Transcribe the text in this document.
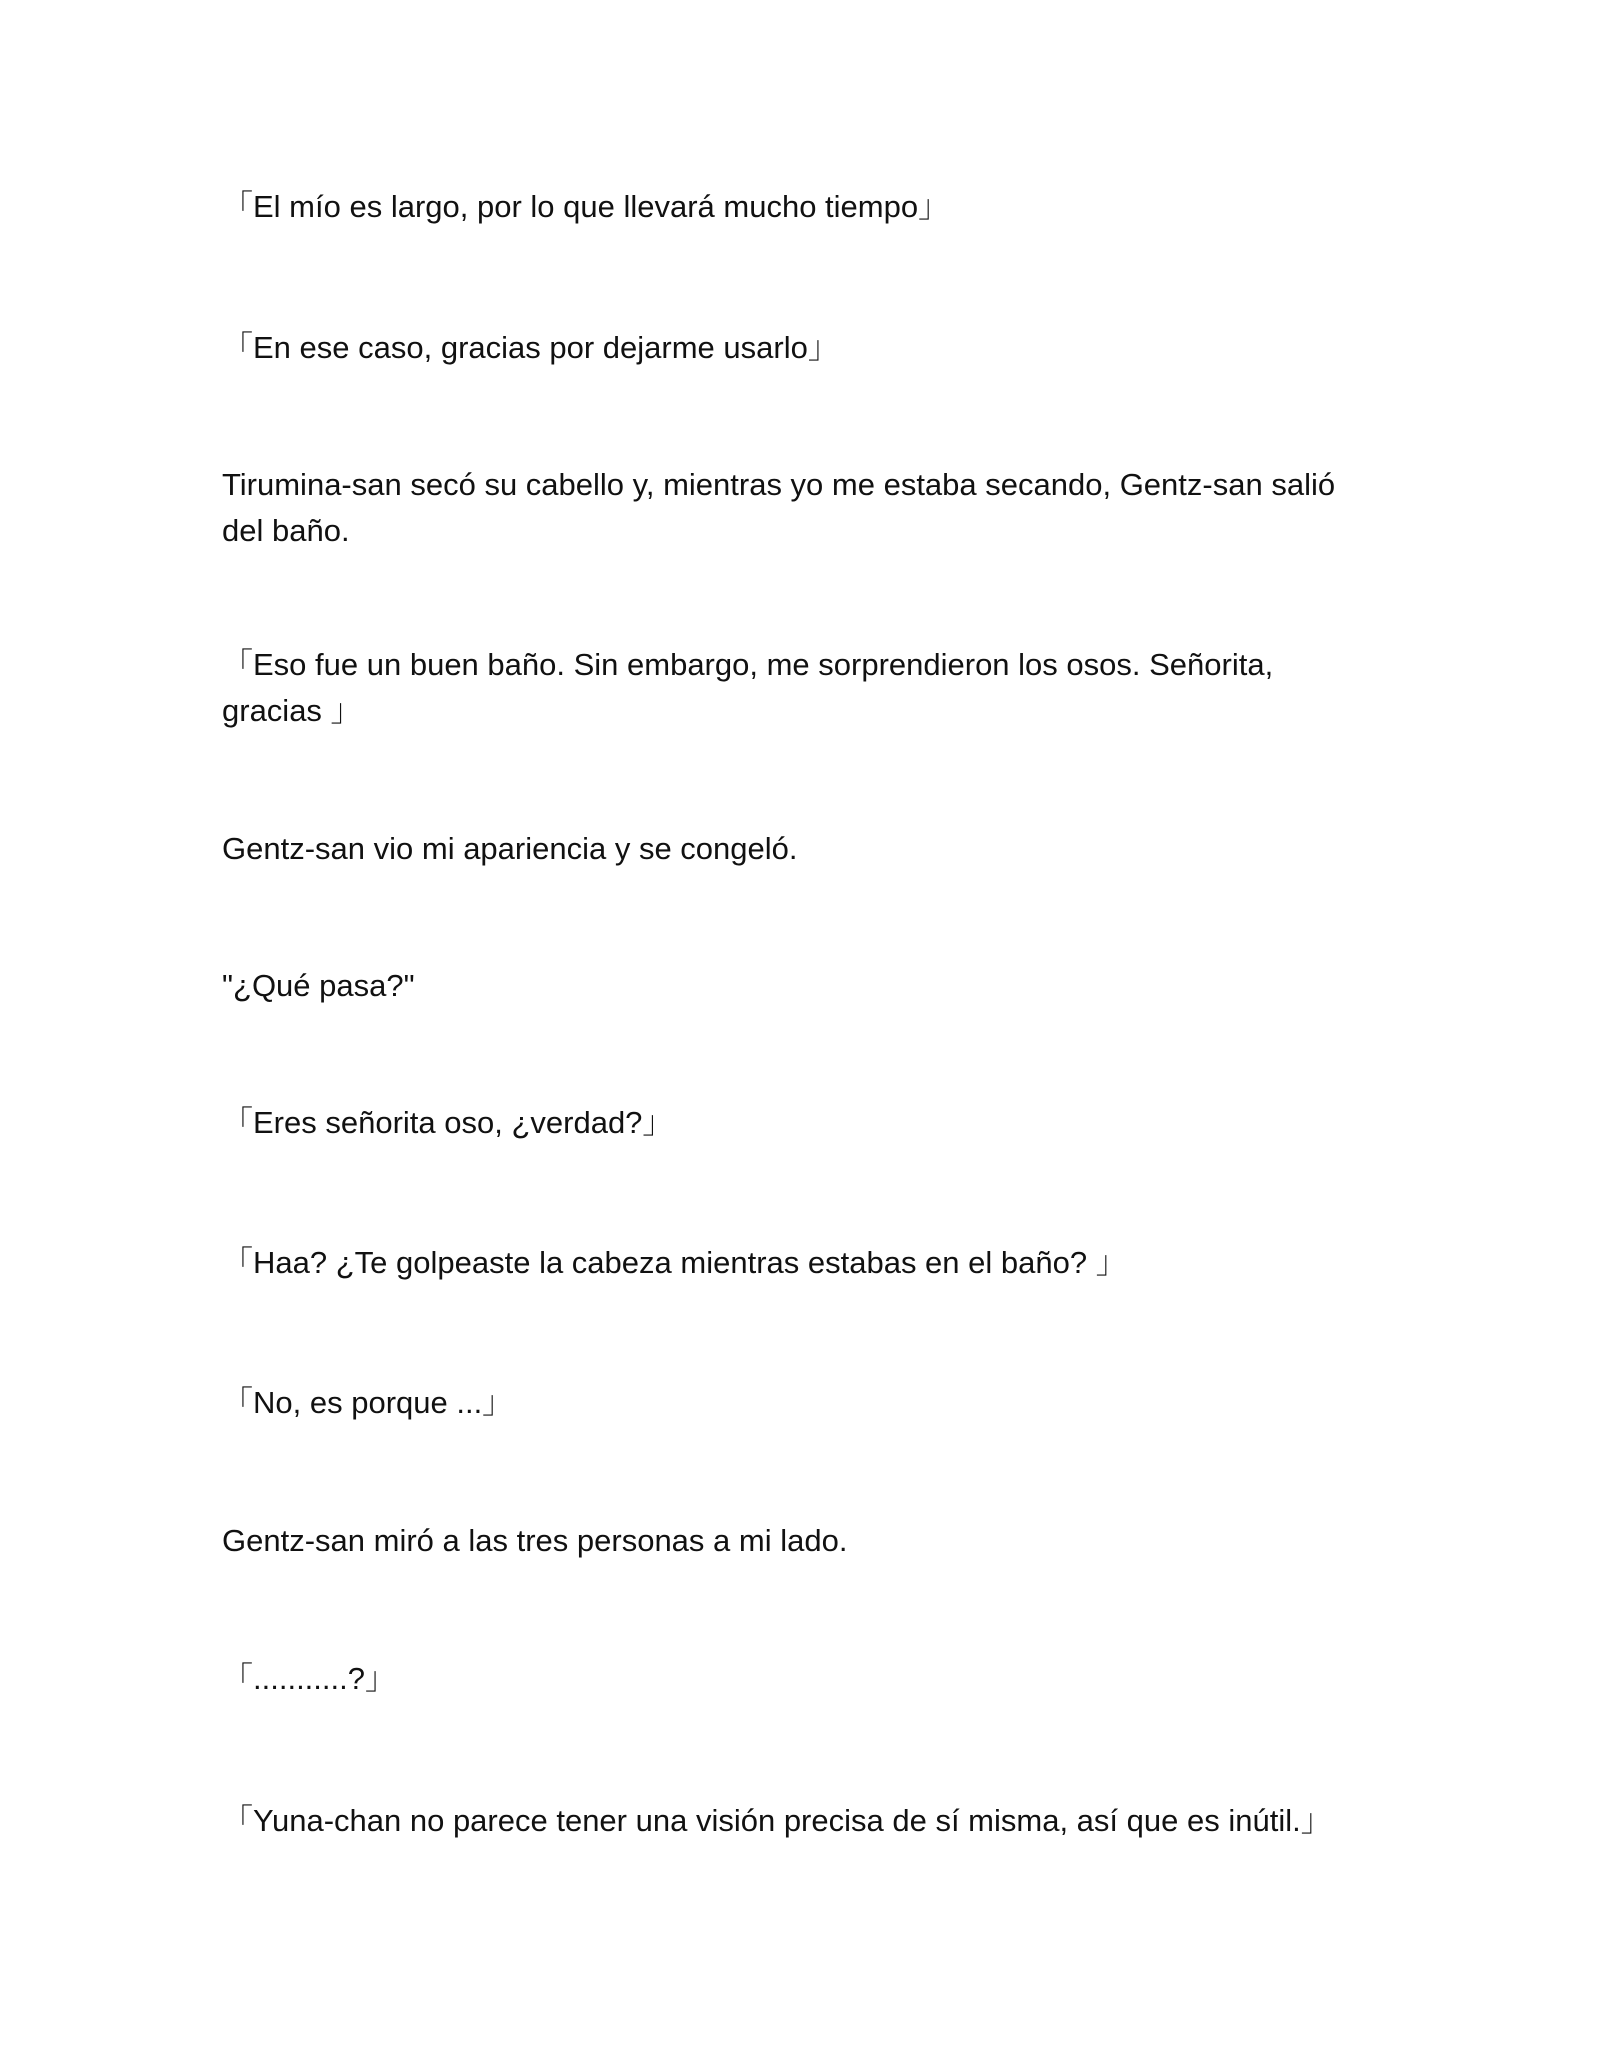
「El mío es largo, por lo que llevará mucho tiempo」

「En ese caso, gracias por dejarme usarlo」

Tirumina-san secó su cabello y, mientras yo me estaba secando, Gentz-san salió del baño.

「Eso fue un buen baño. Sin embargo, me sorprendieron los osos. Señorita, gracias 」

Gentz-san vio mi apariencia y se congeló.

"¿Qué pasa?"

「Eres señorita oso, ¿verdad?」

「Haa? ¿Te golpeaste la cabeza mientras estabas en el baño? 」

「No, es porque ...」

Gentz-san miró a las tres personas a mi lado.

「...........?」

「Yuna-chan no parece tener una visión precisa de sí misma, así que es inútil.」
